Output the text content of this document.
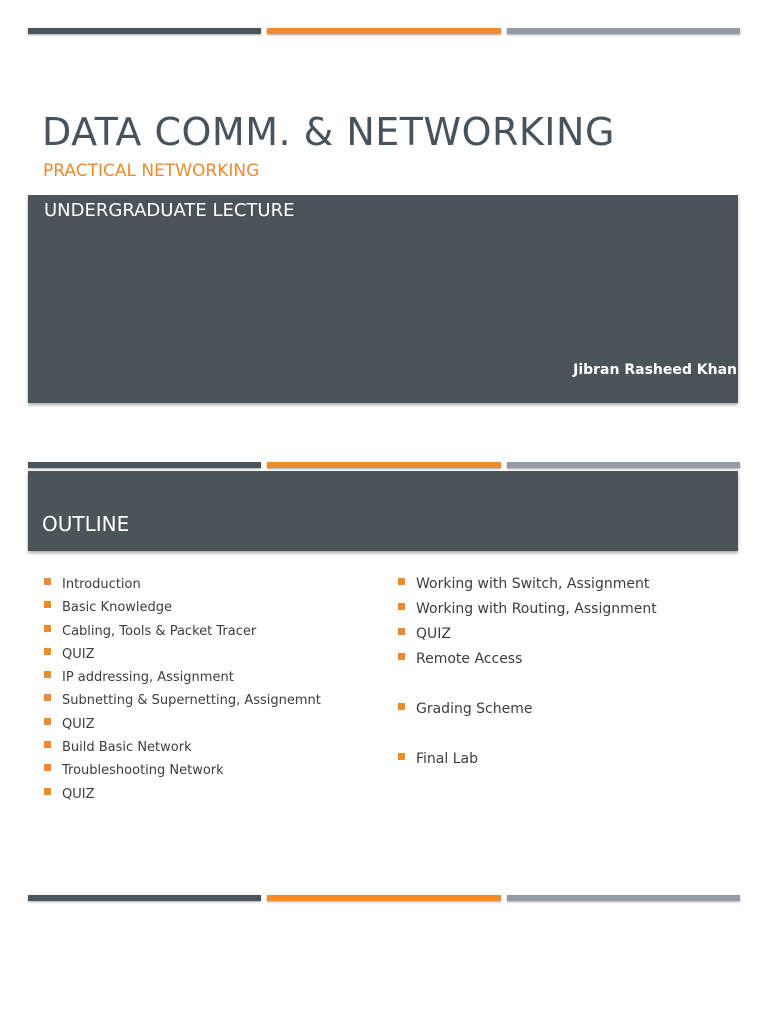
DATA COMM. & NETWORKING
PRACTICAL NETWORKING
UNDERGRADUATE LECTURE
Jibran Rasheed Khan
OUTLINE
Introduction
Basic Knowledge
Cabling, Tools & Packet Tracer
QUIZ
IP addressing, Assignment
Subnetting & Supernetting, Assignemnt
QUIZ
Build Basic Network
Troubleshooting Network
QUIZ
Working with Switch, Assignment
Working with Routing, Assignment
QUIZ
Remote Access
Grading Scheme
Final Lab
